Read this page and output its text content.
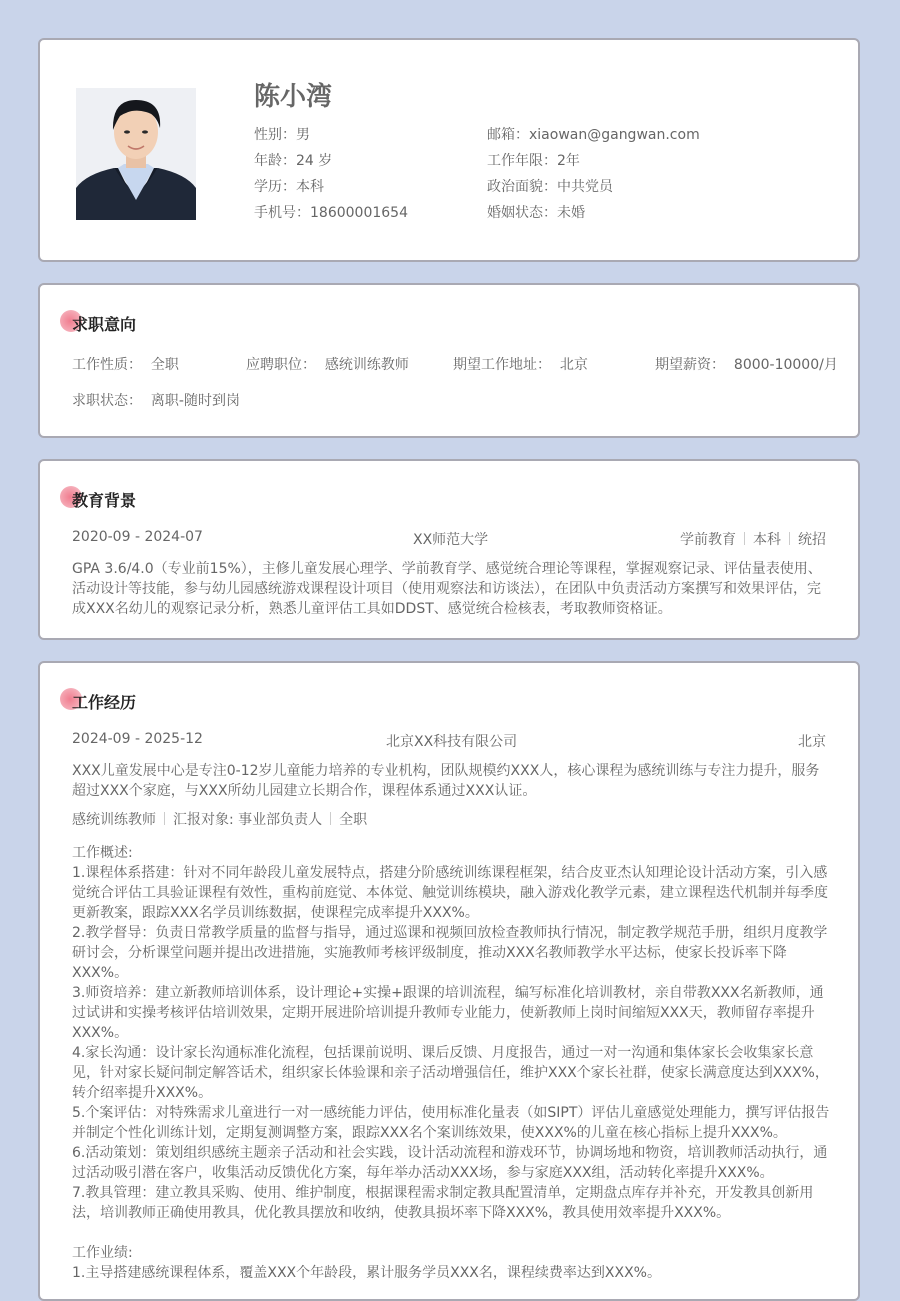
陈小湾
性别：男
年龄：24 岁
学历：本科
手机号：18600001654
邮箱：xiaowan@gangwan.com
工作年限：2年
政治面貌：中共党员
婚姻状态：未婚
求职意向
工作性质： 全职	应聘职位： 感统训练教师	期望工作地址： 北京	期望薪资： 8000-10000/月
求职状态： 离职-随时到岗
教育背景
2020-09 - 2024-07	XX师范大学	学前教育 本科 统招
GPA 3.6/4.0（专业前15%），主修儿童发展心理学、学前教育学、感觉统合理论等课程，掌握观察记录、评估量表使用、活动设计等技能，参与幼儿园感统游戏课程设计项目（使用观察法和访谈法），在团队中负责活动方案撰写和效果评估，完成XXX名幼儿的观察记录分析，熟悉儿童评估工具如DDST、感觉统合检核表，考取教师资格证。
工作经历
2024-09 - 2025-12	北京XX科技有限公司	北京
XXX儿童发展中心是专注0-12岁儿童能力培养的专业机构，团队规模约XXX人，核心课程为感统训练与专注力提升，服务超过XXX个家庭，与XXX所幼儿园建立长期合作，课程体系通过XXX认证。
感统训练教师 汇报对象: 事业部负责人 全职
工作概述:
1.课程体系搭建：针对不同年龄段儿童发展特点，搭建分阶感统训练课程框架，结合皮亚杰认知理论设计活动方案，引入感觉统合评估工具验证课程有效性，重构前庭觉、本体觉、触觉训练模块，融入游戏化教学元素，建立课程迭代机制并每季度更新教案，跟踪XXX名学员训练数据，使课程完成率提升XXX%。
2.教学督导：负责日常教学质量的监督与指导，通过巡课和视频回放检查教师执行情况，制定教学规范手册，组织月度教学研讨会，分析课堂问题并提出改进措施，实施教师考核评级制度，推动XXX名教师教学水平达标，使家长投诉率下降XXX%。
3.师资培养：建立新教师培训体系，设计理论+实操+跟课的培训流程，编写标准化培训教材，亲自带教XXX名新教师，通过试讲和实操考核评估培训效果，定期开展进阶培训提升教师专业能力，使新教师上岗时间缩短XXX天，教师留存率提升XXX%。
4.家长沟通：设计家长沟通标准化流程，包括课前说明、课后反馈、月度报告，通过一对一沟通和集体家长会收集家长意见，针对家长疑问制定解答话术，组织家长体验课和亲子活动增强信任，维护XXX个家长社群，使家长满意度达到XXX%，转介绍率提升XXX%。
5.个案评估：对特殊需求儿童进行一对一感统能力评估，使用标准化量表（如SIPT）评估儿童感觉处理能力，撰写评估报告并制定个性化训练计划，定期复测调整方案，跟踪XXX名个案训练效果，使XXX%的儿童在核心指标上提升XXX%。
6.活动策划：策划组织感统主题亲子活动和社会实践，设计活动流程和游戏环节，协调场地和物资，培训教师活动执行，通过活动吸引潜在客户，收集活动反馈优化方案，每年举办活动XXX场，参与家庭XXX组，活动转化率提升XXX%。
7.教具管理：建立教具采购、使用、维护制度，根据课程需求制定教具配置清单，定期盘点库存并补充，开发教具创新用法，培训教师正确使用教具，优化教具摆放和收纳，使教具损坏率下降XXX%，教具使用效率提升XXX%。
工作业绩:
1.主导搭建感统课程体系，覆盖XXX个年龄段，累计服务学员XXX名，课程续费率达到XXX%。
